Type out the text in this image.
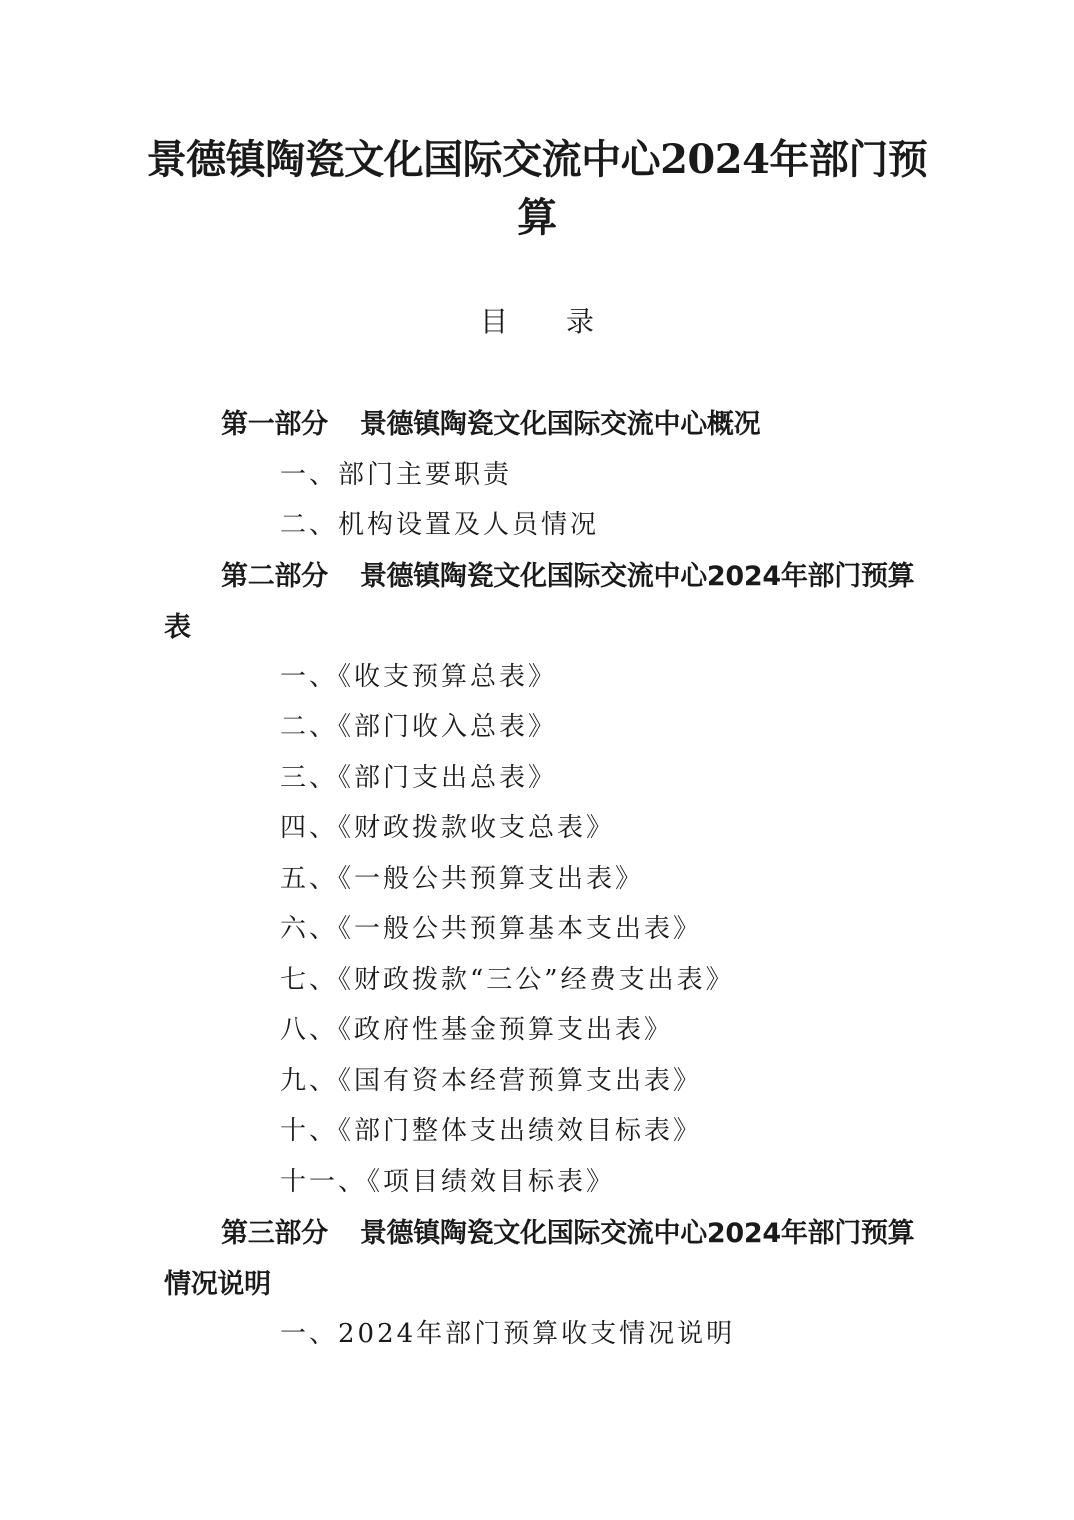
景德镇陶瓷文化国际交流中心2024年部门预算
目 录

第一部分 景德镇陶瓷文化国际交流中心概况

一、部门主要职责

二、机构设置及人员情况

第二部分 景德镇陶瓷文化国际交流中心2024年部门预算表

一、《收支预算总表》

二、《部门收入总表》

三、《部门支出总表》

四、《财政拨款收支总表》

五、《一般公共预算支出表》

六、《一般公共预算基本支出表》

七、《财政拨款“三公”经费支出表》

八、《政府性基金预算支出表》

九、《国有资本经营预算支出表》

十、《部门整体支出绩效目标表》

十一、《项目绩效目标表》

第三部分 景德镇陶瓷文化国际交流中心2024年部门预算情况说明

一、2024年部门预算收支情况说明
